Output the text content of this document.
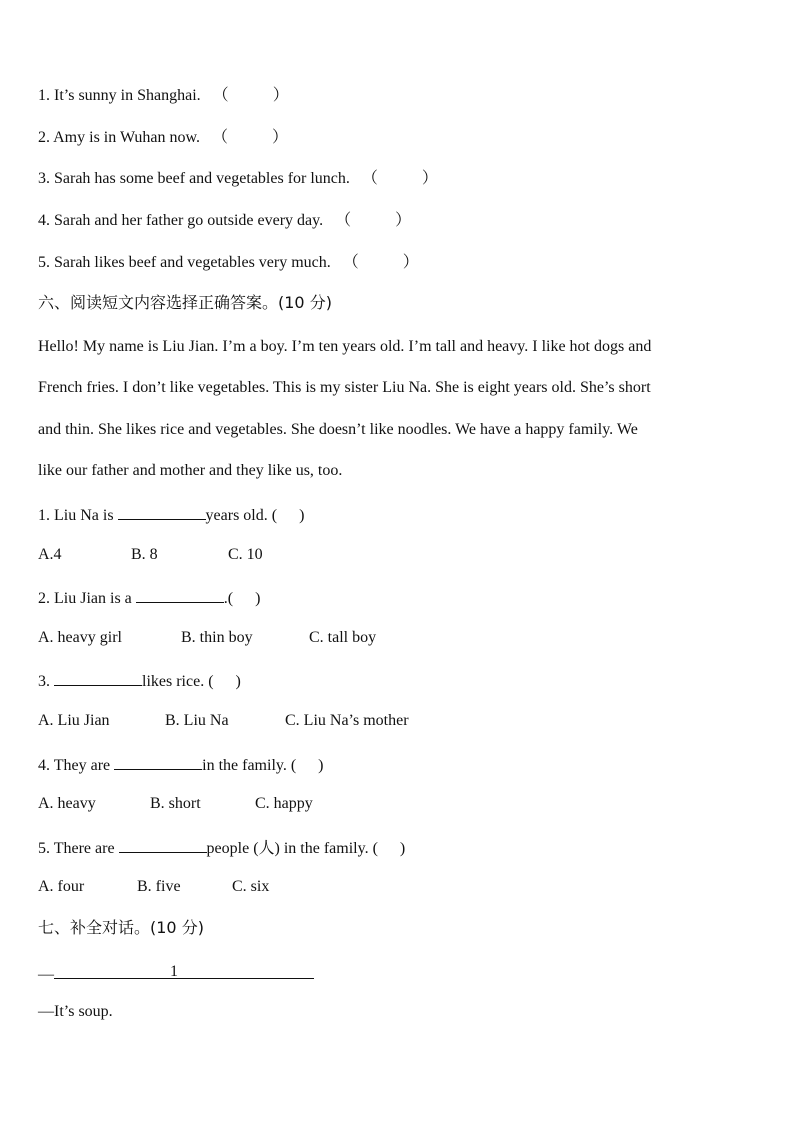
1. It’s sunny in Shanghai. （	）
2. Amy is in Wuhan now. （	）
3. Sarah has some beef and vegetables for lunch. （	）
4. Sarah and her father go outside every day. （	）
5. Sarah likes beef and vegetables very much. （	）
六、阅读短文内容选择正确答案。(10 分)
Hello! My name is Liu Jian. I’m a boy. I’m ten years old. I’m tall and heavy. I like hot dogs and
French fries. I don’t like vegetables. This is my sister Liu Na. She is eight years old. She’s short
and thin. She likes rice and vegetables. She doesn’t like noodles. We have a happy family. We
like our father and mother and they like us, too.
1. Liu Na is	years old. ( )
A.4	B. 8	C. 10
2. Liu Jian is a	.( )
A. heavy girl	B. thin boy	C. tall boy
3.	likes rice. ( )
A. Liu Jian	B. Liu Na	C. Liu Na’s mother
4. They are	in the family. ( )
A. heavy	B. short	C. happy
5. There are	people (人) in the family. ( )
A. four	B. five	C. six
七、补全对话。(10 分)
—	1
—It’s soup.
